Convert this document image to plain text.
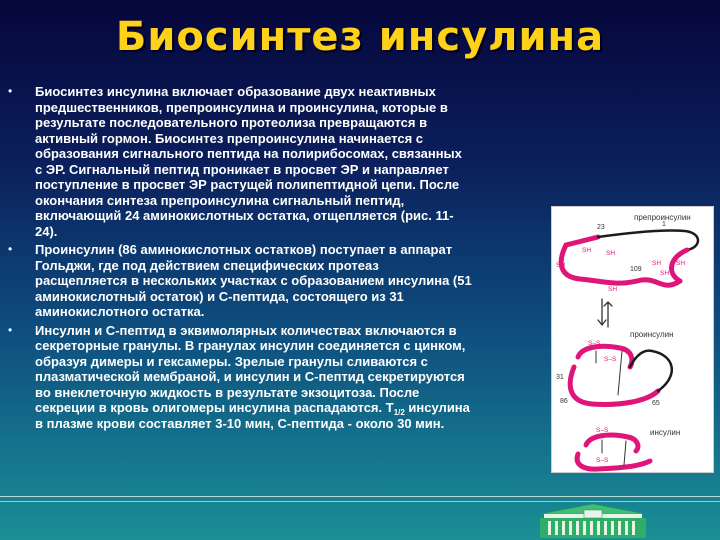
Биосинтез инсулина
•	Биосинтез инсулина включает образование двух неактивных
предшественников, препроинсулина и проинсулина, которые в
результате последовательного протеолиза превращаются в
активный гормон. Биосинтез препроинсулина начинается с
образования сигнального пептида на полирибосомах, связанных
с ЭР. Сигнальный пептид проникает в просвет ЭР и направляет
поступление в просвет ЭР растущей полипептидной цепи. После
окончания синтеза препроинсулина сигнальный пептид,
включающий 24 аминокислотных остатка, отщепляется (рис. 11-
24).
•	Проинсулин (86 аминокислотных остатков) поступает в аппарат
Гольджи, где под действием специфических протеаз
расщепляется в нескольких участках с образованием инсулина (51
аминокислотный остаток) и С-пептида, состоящего из 31
аминокислотного остатка.
•	Инсулин и С-пептид в эквимолярных количествах включаются в
секреторные гранулы. В гранулах инсулин соединяется с цинком,
образуя димеры и гексамеры. Зрелые гранулы сливаются с
плазматической мембраной, и инсулин и С-пептид секретируются
во внеклеточную жидкость в результате экзоцитоза. После
секреции в кровь олигомеры инсулина распадаются. $T_{1/2}$ инсулина
в плазме крови составляет 3-10 мин, С-пептида - около 30 мин.
препроинсулин
23	1
SH SH
SH SH
SH
SH
SH
109
проинсулин
S–S
S–S
31
86	65
инсулин
S–S
S–S
